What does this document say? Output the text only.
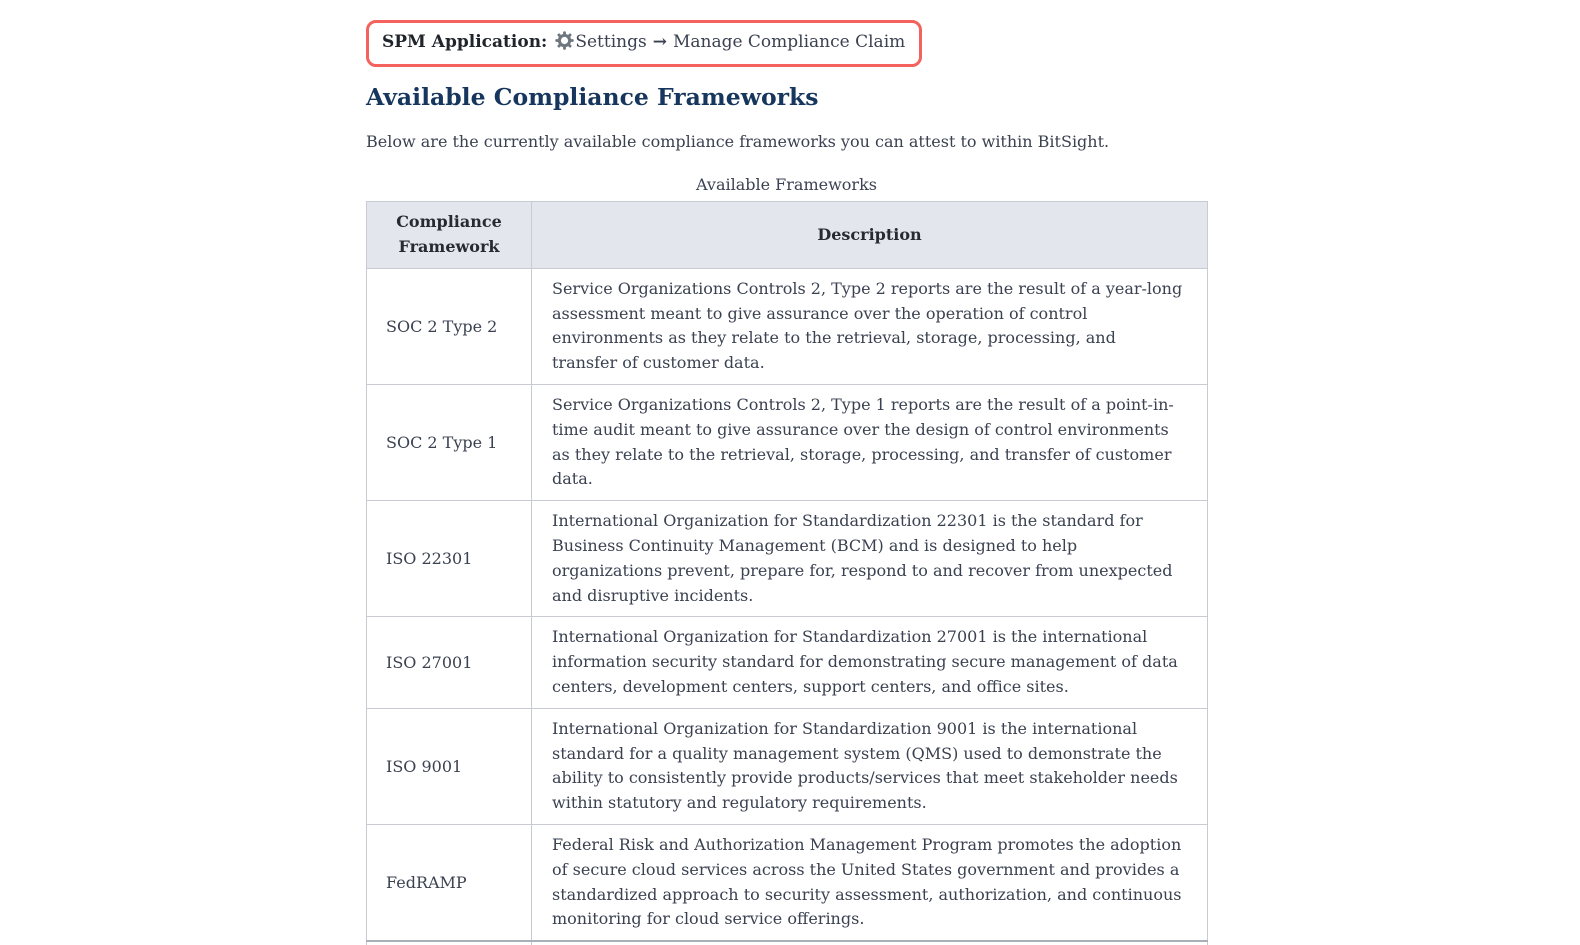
SPM Application: Settings → Manage Compliance Claim
Available Compliance Frameworks

Below are the currently available compliance frameworks you can attest to within BitSight.

Available Frameworks
Compliance Framework	Description
SOC 2 Type 2	Service Organizations Controls 2, Type 2 reports are the result of a year-long assessment meant to give assurance over the operation of control environments as they relate to the retrieval, storage, processing, and transfer of customer data.
SOC 2 Type 1	Service Organizations Controls 2, Type 1 reports are the result of a point-in-time audit meant to give assurance over the design of control environments as they relate to the retrieval, storage, processing, and transfer of customer data.
ISO 22301	International Organization for Standardization 22301 is the standard for Business Continuity Management (BCM) and is designed to help organizations prevent, prepare for, respond to and recover from unexpected and disruptive incidents.
ISO 27001	International Organization for Standardization 27001 is the international information security standard for demonstrating secure management of data centers, development centers, support centers, and office sites.
ISO 9001	International Organization for Standardization 9001 is the international standard for a quality management system (QMS) used to demonstrate the ability to consistently provide products/services that meet stakeholder needs within statutory and regulatory requirements.
FedRAMP	Federal Risk and Authorization Management Program promotes the adoption of secure cloud services across the United States government and provides a standardized approach to security assessment, authorization, and continuous monitoring for cloud service offerings.
